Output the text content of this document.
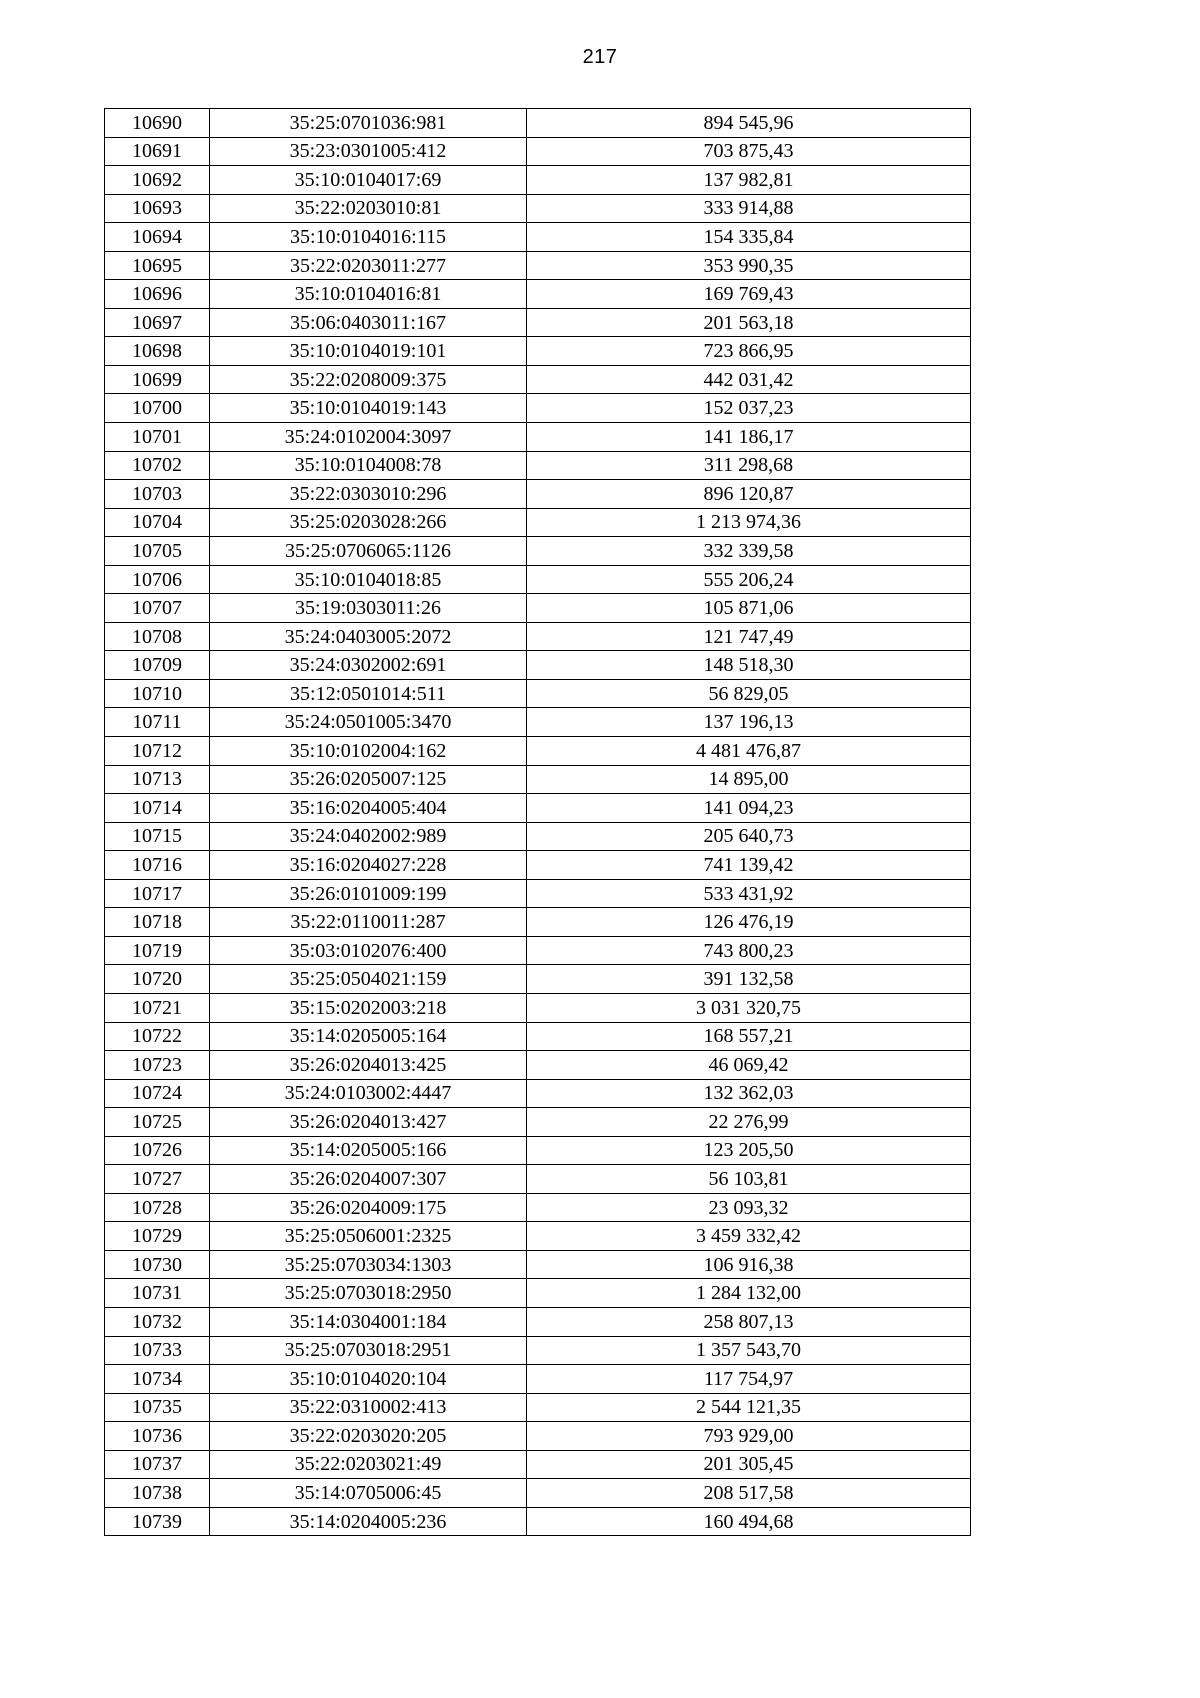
217
10690	35:25:0701036:981	894 545,96
10691	35:23:0301005:412	703 875,43
10692	35:10:0104017:69	137 982,81
10693	35:22:0203010:81	333 914,88
10694	35:10:0104016:115	154 335,84
10695	35:22:0203011:277	353 990,35
10696	35:10:0104016:81	169 769,43
10697	35:06:0403011:167	201 563,18
10698	35:10:0104019:101	723 866,95
10699	35:22:0208009:375	442 031,42
10700	35:10:0104019:143	152 037,23
10701	35:24:0102004:3097	141 186,17
10702	35:10:0104008:78	311 298,68
10703	35:22:0303010:296	896 120,87
10704	35:25:0203028:266	1 213 974,36
10705	35:25:0706065:1126	332 339,58
10706	35:10:0104018:85	555 206,24
10707	35:19:0303011:26	105 871,06
10708	35:24:0403005:2072	121 747,49
10709	35:24:0302002:691	148 518,30
10710	35:12:0501014:511	56 829,05
10711	35:24:0501005:3470	137 196,13
10712	35:10:0102004:162	4 481 476,87
10713	35:26:0205007:125	14 895,00
10714	35:16:0204005:404	141 094,23
10715	35:24:0402002:989	205 640,73
10716	35:16:0204027:228	741 139,42
10717	35:26:0101009:199	533 431,92
10718	35:22:0110011:287	126 476,19
10719	35:03:0102076:400	743 800,23
10720	35:25:0504021:159	391 132,58
10721	35:15:0202003:218	3 031 320,75
10722	35:14:0205005:164	168 557,21
10723	35:26:0204013:425	46 069,42
10724	35:24:0103002:4447	132 362,03
10725	35:26:0204013:427	22 276,99
10726	35:14:0205005:166	123 205,50
10727	35:26:0204007:307	56 103,81
10728	35:26:0204009:175	23 093,32
10729	35:25:0506001:2325	3 459 332,42
10730	35:25:0703034:1303	106 916,38
10731	35:25:0703018:2950	1 284 132,00
10732	35:14:0304001:184	258 807,13
10733	35:25:0703018:2951	1 357 543,70
10734	35:10:0104020:104	117 754,97
10735	35:22:0310002:413	2 544 121,35
10736	35:22:0203020:205	793 929,00
10737	35:22:0203021:49	201 305,45
10738	35:14:0705006:45	208 517,58
10739	35:14:0204005:236	160 494,68
